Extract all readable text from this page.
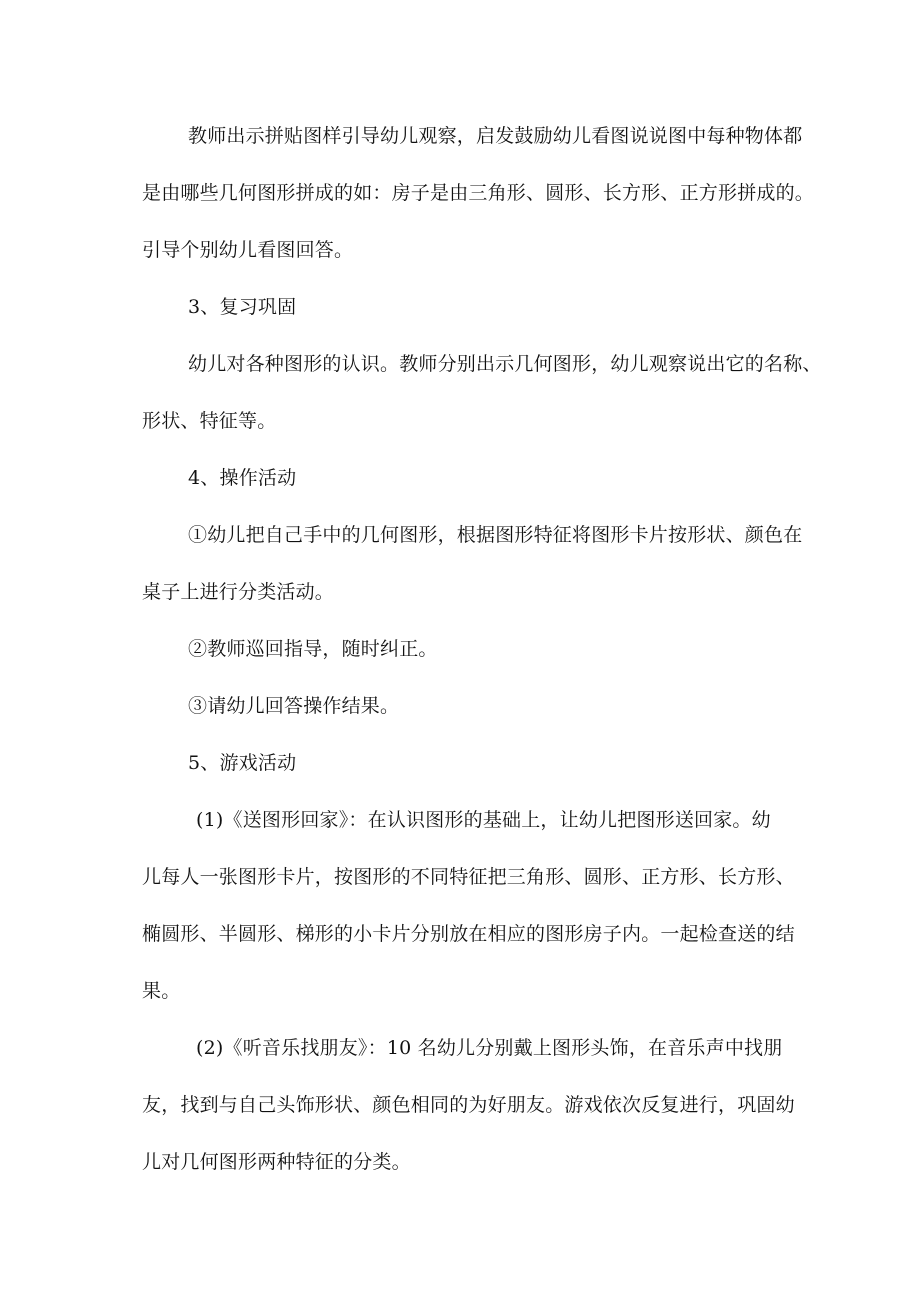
教师出示拼贴图样引导幼儿观察，启发鼓励幼儿看图说说图中每种物体都
是由哪些几何图形拼成的如：房子是由三角形、圆形、长方形、正方形拼成的。
引导个别幼儿看图回答。
3、复习巩固
幼儿对各种图形的认识。教师分别出示几何图形，幼儿观察说出它的名称、
形状、特征等。
4、操作活动
①幼儿把自己手中的几何图形，根据图形特征将图形卡片按形状、颜色在
桌子上进行分类活动。
②教师巡回指导，随时纠正。
③请幼儿回答操作结果。
5、游戏活动
(1)《送图形回家》：在认识图形的基础上，让幼儿把图形送回家。幼
儿每人一张图形卡片，按图形的不同特征把三角形、圆形、正方形、长方形、
椭圆形、半圆形、梯形的小卡片分别放在相应的图形房子内。一起检查送的结
果。
(2)《听音乐找朋友》：10 名幼儿分别戴上图形头饰，在音乐声中找朋
友，找到与自己头饰形状、颜色相同的为好朋友。游戏依次反复进行，巩固幼
儿对几何图形两种特征的分类。
